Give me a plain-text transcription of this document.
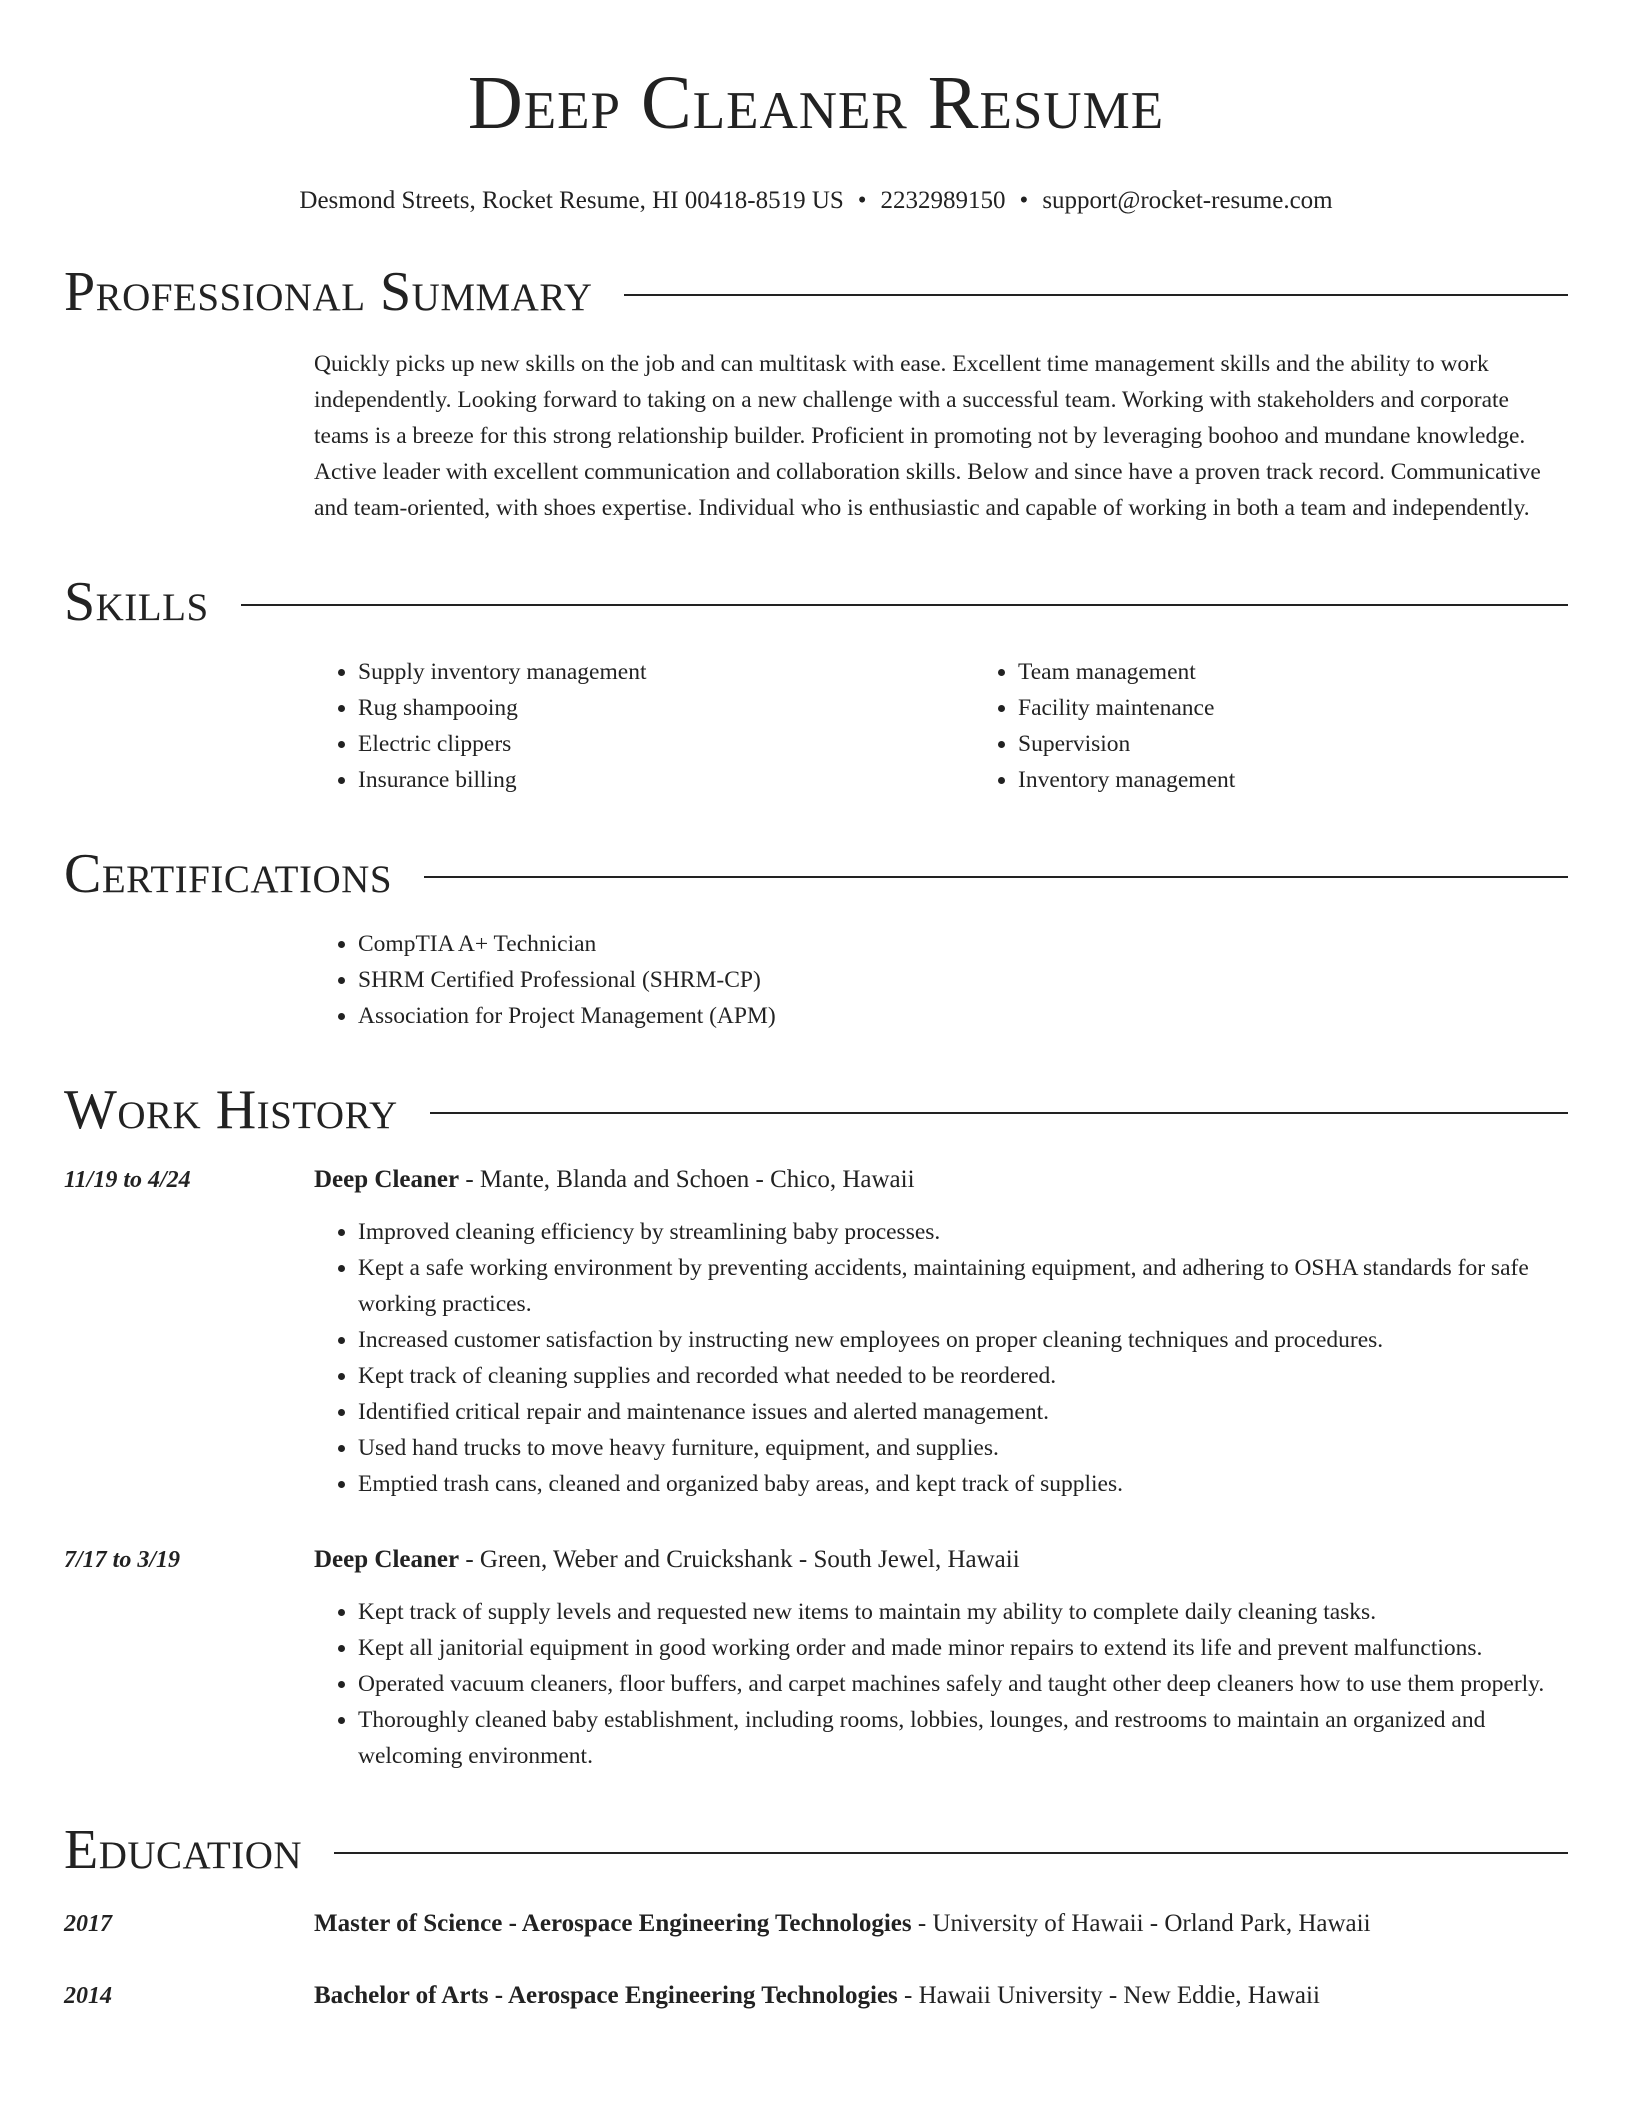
Deep Cleaner Resume
Desmond Streets, Rocket Resume, HI 00418-8519 US • 2232989150 • support@rocket-resume.com
Professional Summary
Quickly picks up new skills on the job and can multitask with ease. Excellent time management skills and the ability to work independently. Looking forward to taking on a new challenge with a successful team. Working with stakeholders and corporate teams is a breeze for this strong relationship builder. Proficient in promoting not by leveraging boohoo and mundane knowledge. Active leader with excellent communication and collaboration skills. Below and since have a proven track record. Communicative and team-oriented, with shoes expertise. Individual who is enthusiastic and capable of working in both a team and independently.
Skills
• Supply inventory management
• Rug shampooing
• Electric clippers
• Insurance billing
• Team management
• Facility maintenance
• Supervision
• Inventory management
Certifications
• CompTIA A+ Technician
• SHRM Certified Professional (SHRM-CP)
• Association for Project Management (APM)
Work History
11/19 to 4/24	Deep Cleaner - Mante, Blanda and Schoen - Chico, Hawaii
• Improved cleaning efficiency by streamlining baby processes.
• Kept a safe working environment by preventing accidents, maintaining equipment, and adhering to OSHA standards for safe working practices.
• Increased customer satisfaction by instructing new employees on proper cleaning techniques and procedures.
• Kept track of cleaning supplies and recorded what needed to be reordered.
• Identified critical repair and maintenance issues and alerted management.
• Used hand trucks to move heavy furniture, equipment, and supplies.
• Emptied trash cans, cleaned and organized baby areas, and kept track of supplies.
7/17 to 3/19	Deep Cleaner - Green, Weber and Cruickshank - South Jewel, Hawaii
• Kept track of supply levels and requested new items to maintain my ability to complete daily cleaning tasks.
• Kept all janitorial equipment in good working order and made minor repairs to extend its life and prevent malfunctions.
• Operated vacuum cleaners, floor buffers, and carpet machines safely and taught other deep cleaners how to use them properly.
• Thoroughly cleaned baby establishment, including rooms, lobbies, lounges, and restrooms to maintain an organized and welcoming environment.
Education
2017	Master of Science - Aerospace Engineering Technologies - University of Hawaii - Orland Park, Hawaii
2014	Bachelor of Arts - Aerospace Engineering Technologies - Hawaii University - New Eddie, Hawaii
